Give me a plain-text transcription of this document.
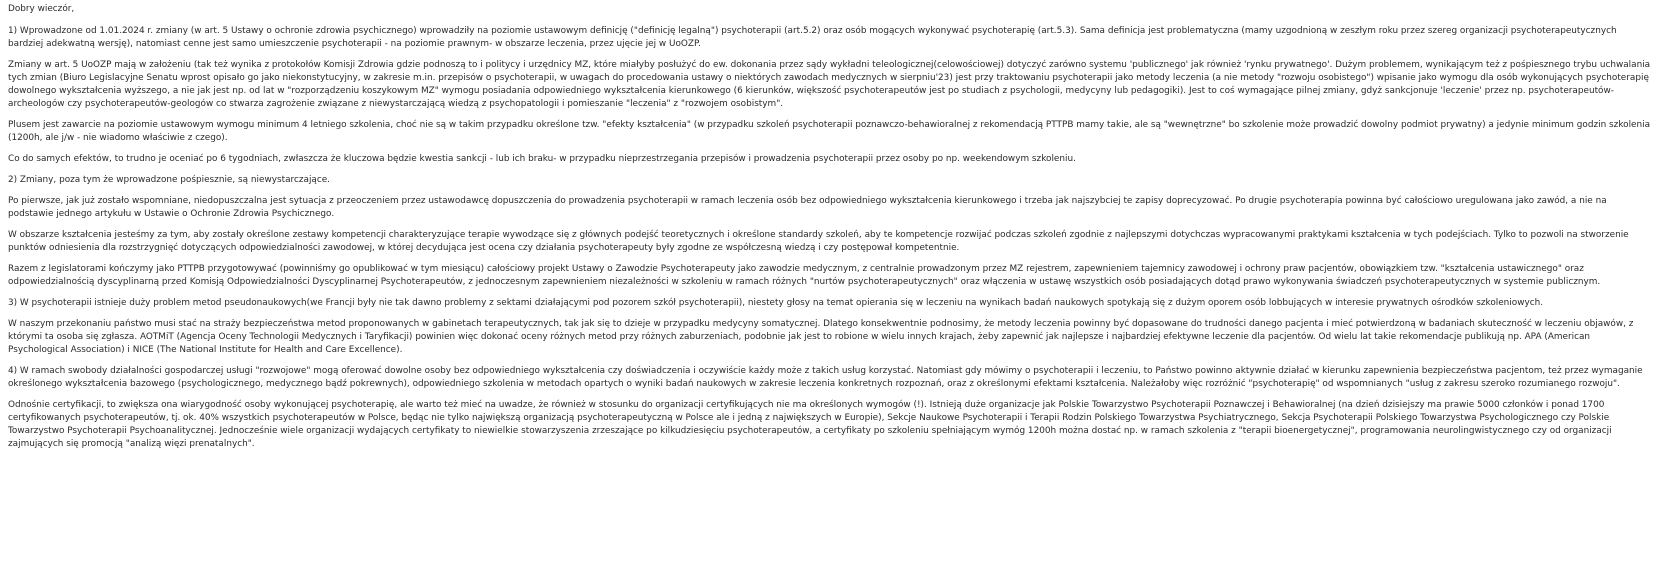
Dobry wieczór,

1) Wprowadzone od 1.01.2024 r. zmiany (w art. 5 Ustawy o ochronie zdrowia psychicznego) wprowadziły na poziomie ustawowym definicję ("definicję legalną") psychoterapii (art.5.2) oraz osób mogących wykonywać psychoterapię (art.5.3). Sama definicja jest problematyczna (mamy uzgodnioną w zeszłym roku przez szereg organizacji psychoterapeutycznych bardziej adekwatną wersję), natomiast cenne jest samo umieszczenie psychoterapii - na poziomie prawnym- w obszarze leczenia, przez ujęcie jej w UoOZP.

Zmiany w art. 5 UoOZP mają w założeniu (tak też wynika z protokołów Komisji Zdrowia gdzie podnoszą to i politycy i urzędnicy MZ, które miałyby posłużyć do ew. dokonania przez sądy wykładni teleologicznej(celowościowej) dotyczyć zarówno systemu 'publicznego' jak również 'rynku prywatnego'. Dużym problemem, wynikającym też z pośpiesznego trybu uchwalania tych zmian (Biuro Legislacyjne Senatu wprost opisało go jako niekonstytucyjny, w zakresie m.in. przepisów o psychoterapii, w uwagach do procedowania ustawy o niektórych zawodach medycznych w sierpniu'23) jest przy traktowaniu psychoterapii jako metody leczenia (a nie metody "rozwoju osobistego") wpisanie jako wymogu dla osób wykonujących psychoterapię dowolnego wykształcenia wyższego, a nie jak jest np. od lat w "rozporządzeniu koszykowym MZ" wymogu posiadania odpowiedniego wykształcenia kierunkowego (6 kierunków, większość psychoterapeutów jest po studiach z psychologii, medycyny lub pedagogiki). Jest to coś wymagające pilnej zmiany, gdyż sankcjonuje 'leczenie' przez np. psychoterapeutów-archeologów czy psychoterapeutów-geologów co stwarza zagrożenie związane z niewystarczającą wiedzą z psychopatologii i pomieszanie "leczenia" z "rozwojem osobistym".

Plusem jest zawarcie na poziomie ustawowym wymogu minimum 4 letniego szkolenia, choć nie są w takim przypadku określone tzw. "efekty kształcenia" (w przypadku szkoleń psychoterapii poznawczo-behawioralnej z rekomendacją PTTPB mamy takie, ale są "wewnętrzne" bo szkolenie może prowadzić dowolny podmiot prywatny) a jedynie minimum godzin szkolenia (1200h, ale j/w - nie wiadomo właściwie z czego).

Co do samych efektów, to trudno je oceniać po 6 tygodniach, zwłaszcza że kluczowa będzie kwestia sankcji - lub ich braku- w przypadku nieprzestrzegania przepisów i prowadzenia psychoterapii przez osoby po np. weekendowym szkoleniu.

2) Zmiany, poza tym że wprowadzone pośpiesznie, są niewystarczające.

Po pierwsze, jak już zostało wspomniane, niedopuszczalna jest sytuacja z przeoczeniem przez ustawodawcę dopuszczenia do prowadzenia psychoterapii w ramach leczenia osób bez odpowiedniego wykształcenia kierunkowego i trzeba jak najszybciej te zapisy doprecyzować. Po drugie psychoterapia powinna być całościowo uregulowana jako zawód, a nie na podstawie jednego artykułu w Ustawie o Ochronie Zdrowia Psychicznego.

W obszarze kształcenia jesteśmy za tym, aby zostały określone zestawy kompetencji charakteryzujące terapie wywodzące się z głównych podejść teoretycznych i określone standardy szkoleń, aby te kompetencje rozwijać podczas szkoleń zgodnie z najlepszymi dotychczas wypracowanymi praktykami kształcenia w tych podejściach. Tylko to pozwoli na stworzenie punktów odniesienia dla rozstrzygnięć dotyczących odpowiedzialności zawodowej, w której decydująca jest ocena czy działania psychoterapeuty były zgodne ze współczesną wiedzą i czy postępował kompetentnie.

Razem z legislatorami kończymy jako PTTPB przygotowywać (powinniśmy go opublikować w tym miesiącu) całościowy projekt Ustawy o Zawodzie Psychoterapeuty jako zawodzie medycznym, z centralnie prowadzonym przez MZ rejestrem, zapewnieniem tajemnicy zawodowej i ochrony praw pacjentów, obowiązkiem tzw. "kształcenia ustawicznego" oraz odpowiedzialnością dyscyplinarną przed Komisją Odpowiedzialności Dyscyplinarnej Psychoterapeutów, z jednoczesnym zapewnieniem niezależności w szkoleniu w ramach różnych "nurtów psychoterapeutycznych" oraz włączenia w ustawę wszystkich osób posiadających dotąd prawo wykonywania świadczeń psychoterapeutycznych w systemie publicznym.

3) W psychoterapii istnieje duży problem metod pseudonaukowych(we Francji były nie tak dawno problemy z sektami działającymi pod pozorem szkół psychoterapii), niestety głosy na temat opierania się w leczeniu na wynikach badań naukowych spotykają się z dużym oporem osób lobbujących w interesie prywatnych ośrodków szkoleniowych.

W naszym przekonaniu państwo musi stać na straży bezpieczeństwa metod proponowanych w gabinetach terapeutycznych, tak jak się to dzieje w przypadku medycyny somatycznej. Dlatego konsekwentnie podnosimy, że metody leczenia powinny być dopasowane do trudności danego pacjenta i mieć potwierdzoną w badaniach skuteczność w leczeniu objawów, z którymi ta osoba się zgłasza. AOTMiT (Agencja Oceny Technologii Medycznych i Taryfikacji) powinien więc dokonać oceny różnych metod przy różnych zaburzeniach, podobnie jak jest to robione w wielu innych krajach, żeby zapewnić jak najlepsze i najbardziej efektywne leczenie dla pacjentów. Od wielu lat takie rekomendacje publikują np. APA (American Psychological Association) i NICE (The National Institute for Health and Care Excellence).

4) W ramach swobody działalności gospodarczej usługi "rozwojowe" mogą oferować dowolne osoby bez odpowiedniego wykształcenia czy doświadczenia i oczywiście każdy może z takich usług korzystać. Natomiast gdy mówimy o psychoterapii i leczeniu, to Państwo powinno aktywnie działać w kierunku zapewnienia bezpieczeństwa pacjentom, też przez wymaganie określonego wykształcenia bazowego (psychologicznego, medycznego bądź pokrewnych), odpowiedniego szkolenia w metodach opartych o wyniki badań naukowych w zakresie leczenia konkretnych rozpoznań, oraz z określonymi efektami kształcenia. Należałoby więc rozróżnić "psychoterapię" od wspomnianych "usług z zakresu szeroko rozumianego rozwoju".

Odnośnie certyfikacji, to zwiększa ona wiarygodność osoby wykonującej psychoterapię, ale warto też mieć na uwadze, że również w stosunku do organizacji certyfikujących nie ma określonych wymogów (!). Istnieją duże organizacje jak Polskie Towarzystwo Psychoterapii Poznawczej i Behawioralnej (na dzień dzisiejszy ma prawie 5000 członków i ponad 1700 certyfikowanych psychoterapeutów, tj. ok. 40% wszystkich psychoterapeutów w Polsce, będąc nie tylko największą organizacją psychoterapeutyczną w Polsce ale i jedną z największych w Europie), Sekcje Naukowe Psychoterapii i Terapii Rodzin Polskiego Towarzystwa Psychiatrycznego, Sekcja Psychoterapii Polskiego Towarzystwa Psychologicznego czy Polskie Towarzystwo Psychoterapii Psychoanalitycznej. Jednocześnie wiele organizacji wydających certyfikaty to niewielkie stowarzyszenia zrzeszające po kilkudziesięciu psychoterapeutów, a certyfikaty po szkoleniu spełniającym wymóg 1200h można dostać np. w ramach szkolenia z "terapii bioenergetycznej", programowania neurolingwistycznego czy od organizacji zajmujących się promocją "analizą więzi prenatalnych".
